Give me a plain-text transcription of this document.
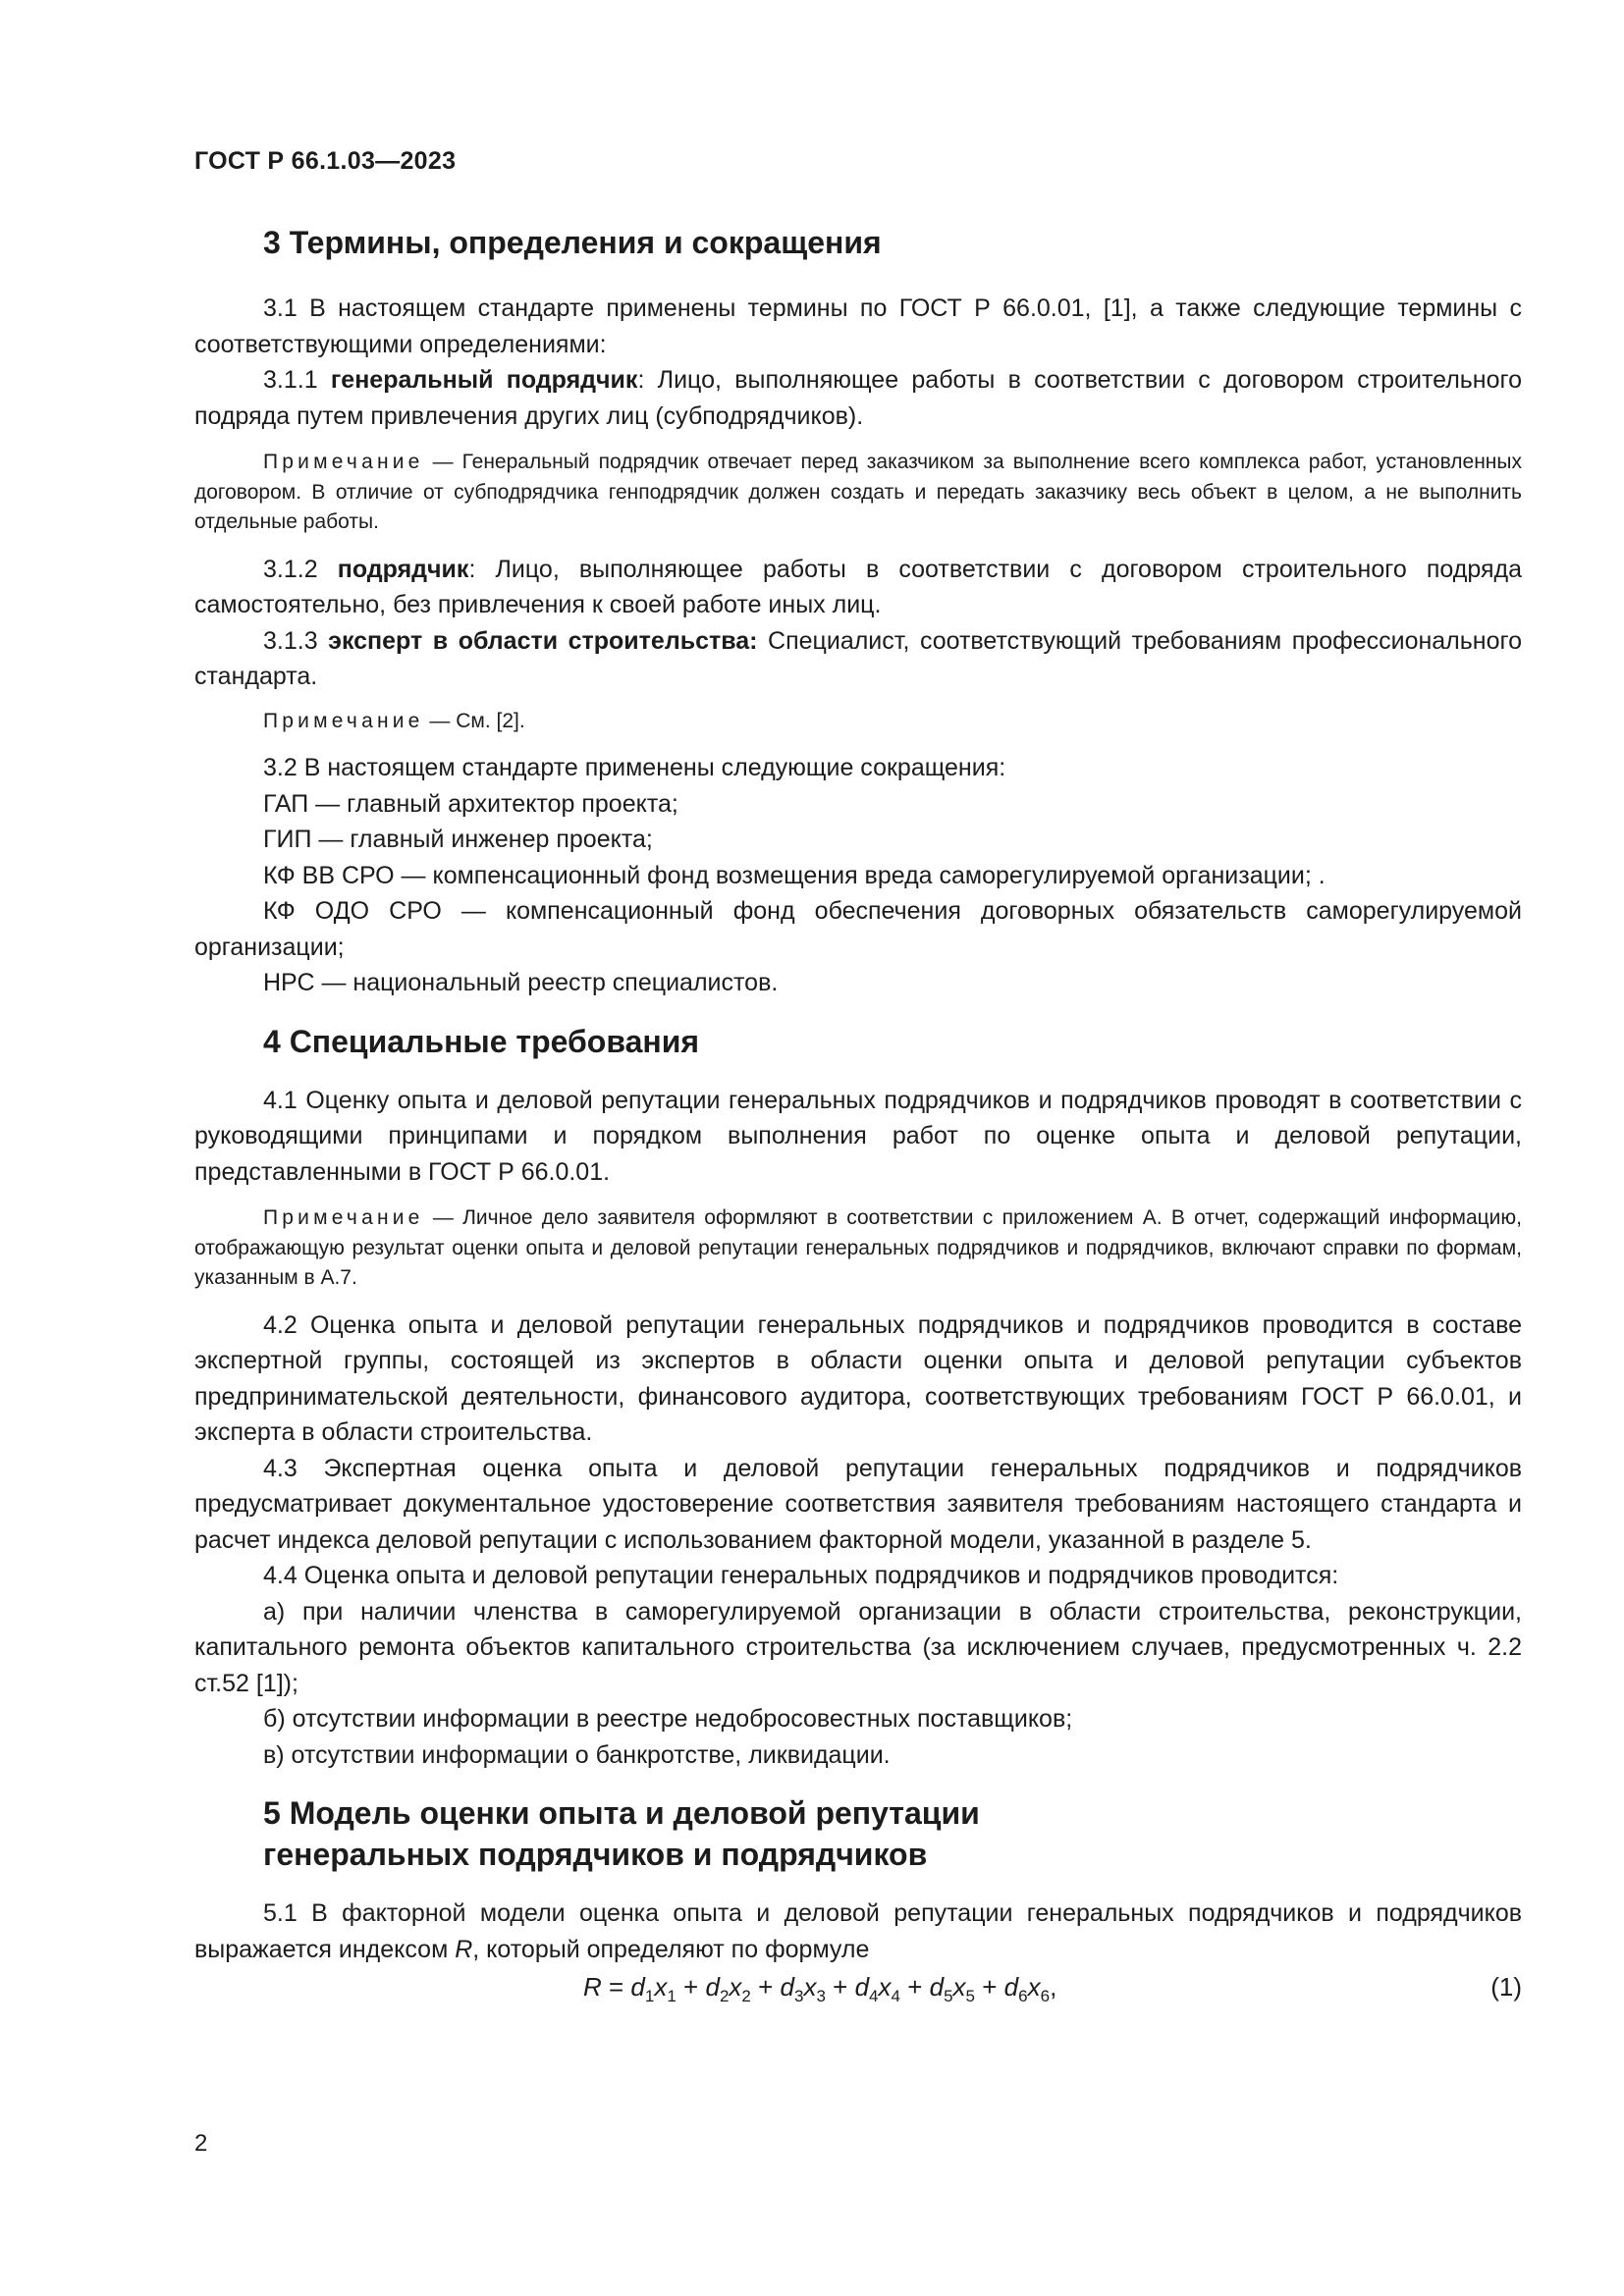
ГОСТ Р 66.1.03—2023
3 Термины, определения и сокращения

3.1 В настоящем стандарте применены термины по ГОСТ Р 66.0.01, [1], а также следующие термины с соответствующими определениями:

3.1.1 генеральный подрядчик: Лицо, выполняющее работы в соответствии с договором строительного подряда путем привлечения других лиц (субподрядчиков).

Примечание — Генеральный подрядчик отвечает перед заказчиком за выполнение всего комплекса работ, установленных договором. В отличие от субподрядчика генподрядчик должен создать и передать заказчику весь объект в целом, а не выполнить отдельные работы.

3.1.2 подрядчик: Лицо, выполняющее работы в соответствии с договором строительного подряда самостоятельно, без привлечения к своей работе иных лиц.

3.1.3 эксперт в области строительства: Специалист, соответствующий требованиям профессионального стандарта.

Примечание — См. [2].

3.2 В настоящем стандарте применены следующие сокращения:

ГАП — главный архитектор проекта;

ГИП — главный инженер проекта;

КФ ВВ СРО — компенсационный фонд возмещения вреда саморегулируемой организации; .

КФ ОДО СРО — компенсационный фонд обеспечения договорных обязательств саморегулируемой организации;

НРС — национальный реестр специалистов.

4 Специальные требования

4.1 Оценку опыта и деловой репутации генеральных подрядчиков и подрядчиков проводят в соответствии с руководящими принципами и порядком выполнения работ по оценке опыта и деловой репутации, представленными в ГОСТ Р 66.0.01.

Примечание — Личное дело заявителя оформляют в соответствии с приложением А. В отчет, содержащий информацию, отображающую результат оценки опыта и деловой репутации генеральных подрядчиков и подрядчиков, включают справки по формам, указанным в А.7.

4.2 Оценка опыта и деловой репутации генеральных подрядчиков и подрядчиков проводится в составе экспертной группы, состоящей из экспертов в области оценки опыта и деловой репутации субъектов предпринимательской деятельности, финансового аудитора, соответствующих требованиям ГОСТ Р 66.0.01, и эксперта в области строительства.

4.3 Экспертная оценка опыта и деловой репутации генеральных подрядчиков и подрядчиков предусматривает документальное удостоверение соответствия заявителя требованиям настоящего стандарта и расчет индекса деловой репутации с использованием факторной модели, указанной в разделе 5.

4.4 Оценка опыта и деловой репутации генеральных подрядчиков и подрядчиков проводится:

а) при наличии членства в саморегулируемой организации в области строительства, реконструкции, капитального ремонта объектов капитального строительства (за исключением случаев, предусмотренных ч. 2.2 ст.52 [1]);

б) отсутствии информации в реестре недобросовестных поставщиков;

в) отсутствии информации о банкротстве, ликвидации.

5 Модель оценки опыта и деловой репутации
генеральных подрядчиков и подрядчиков

5.1 В факторной модели оценка опыта и деловой репутации генеральных подрядчиков и подрядчиков выражается индексом R, который определяют по формуле

$R = d_1x_1 + d_2x_2 + d_3x_3 + d_4x_4 + d_5x_5 + d_6x_6$,	(1)
2
